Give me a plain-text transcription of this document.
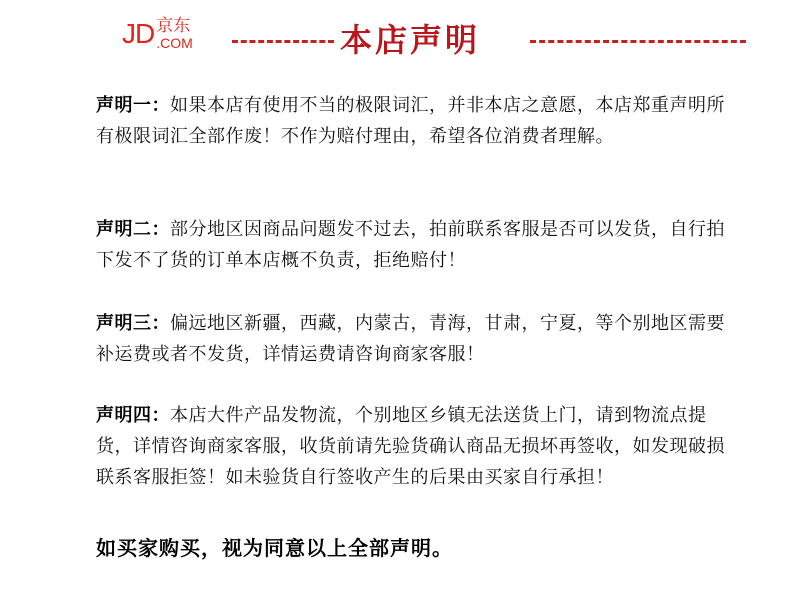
JD 京东
.COM	本店声明
声明一：如果本店有使用不当的极限词汇，并非本店之意愿，本店郑重声明所有极限词汇全部作废！不作为赔付理由，希望各位消费者理解。
声明二：部分地区因商品问题发不过去，拍前联系客服是否可以发货，自行拍下发不了货的订单本店概不负责，拒绝赔付！
声明三：偏远地区新疆，西藏，内蒙古，青海，甘肃，宁夏，等个别地区需要补运费或者不发货，详情运费请咨询商家客服！
声明四：本店大件产品发物流，个别地区乡镇无法送货上门，请到物流点提货，详情咨询商家客服，收货前请先验货确认商品无损坏再签收，如发现破损联系客服拒签！如未验货自行签收产生的后果由买家自行承担！
如买家购买，视为同意以上全部声明。
